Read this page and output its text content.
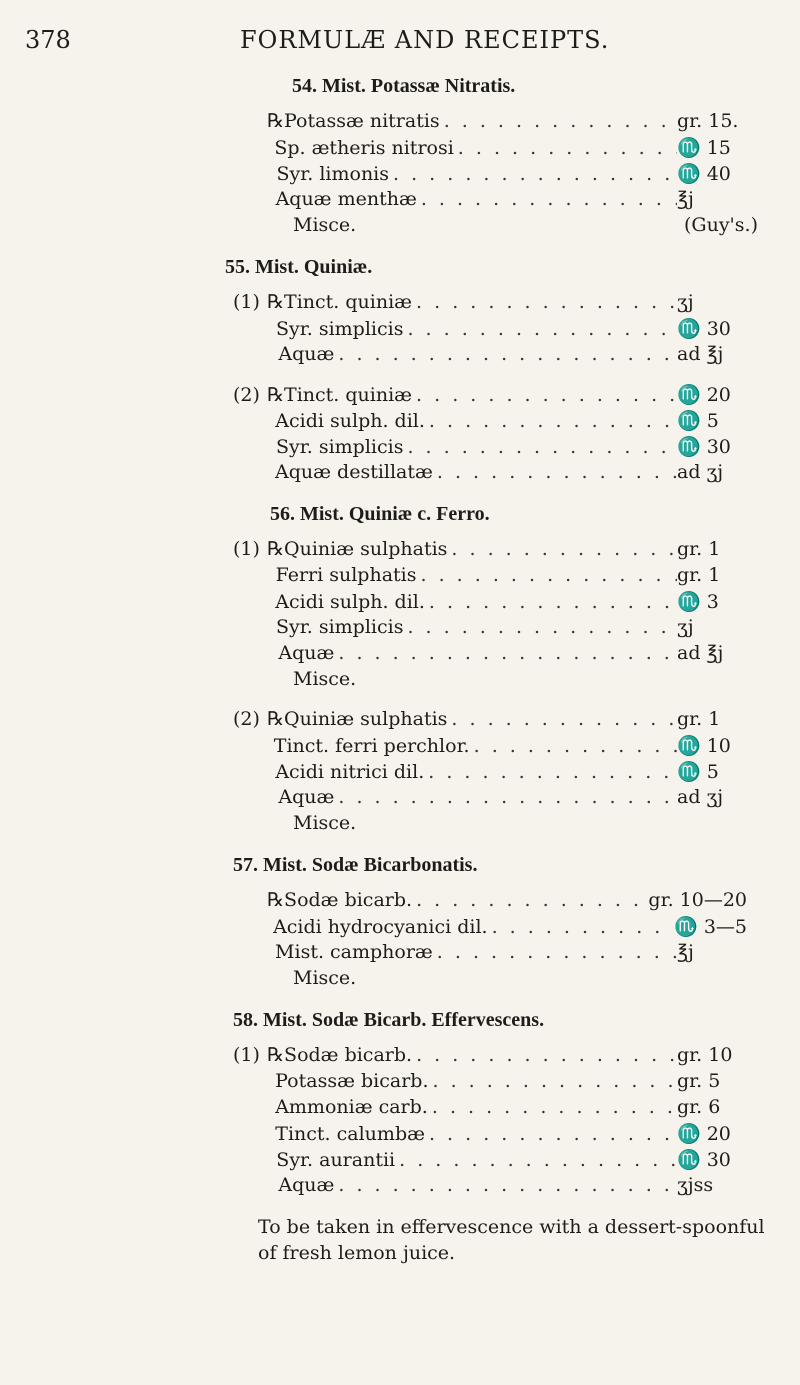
378	FORMULÆ AND RECEIPTS.
54. Mist. Potassæ Nitratis.
℞ Potassæ nitratis . . .	gr. 15.
Sp. ætheris nitrosi . . .	♏ 15
Syr. limonis . . .	♏ 40
Aquæ menthæ . . .	℥j
Misce.	(Guy's.)
55. Mist. Quiniæ.
(1) ℞ Tinct. quiniæ . . .	ʒj
Syr. simplicis . . .	♏ 30
Aquæ . . .	ad ℥j
(2) ℞ Tinct. quiniæ . . .	♏ 20
Acidi sulph. dil. . . .	♏ 5
Syr. simplicis . . .	♏ 30
Aquæ destillatæ . . .	ad ʒj
56. Mist. Quiniæ c. Ferro.
(1) ℞ Quiniæ sulphatis . . .	gr. 1
Ferri sulphatis . . .	gr. 1
Acidi sulph. dil. . . .	♏ 3
Syr. simplicis . . .	ʒj
Aquæ . . .	ad ℥j
Misce.
(2) ℞ Quiniæ sulphatis . . .	gr. 1
Tinct. ferri perchlor. . . .	♏ 10
Acidi nitrici dil. . . .	♏ 5
Aquæ . . .	ad ʒj
Misce.
57. Mist. Sodæ Bicarbonatis.
℞ Sodæ bicarb. . . .	gr. 10—20
Acidi hydrocyanici dil. . . .	♏ 3—5
Mist. camphoræ . . .	℥j
Misce.
58. Mist. Sodæ Bicarb. Effervescens.
(1) ℞ Sodæ bicarb. . . .	gr. 10
Potassæ bicarb. . . .	gr. 5
Ammoniæ carb. . . .	gr. 6
Tinct. calumbæ . . .	♏ 20
Syr. aurantii . . .	♏ 30
Aquæ . . .	ʒjss
To be taken in effervescence with a dessert-spoonful of fresh lemon juice.
